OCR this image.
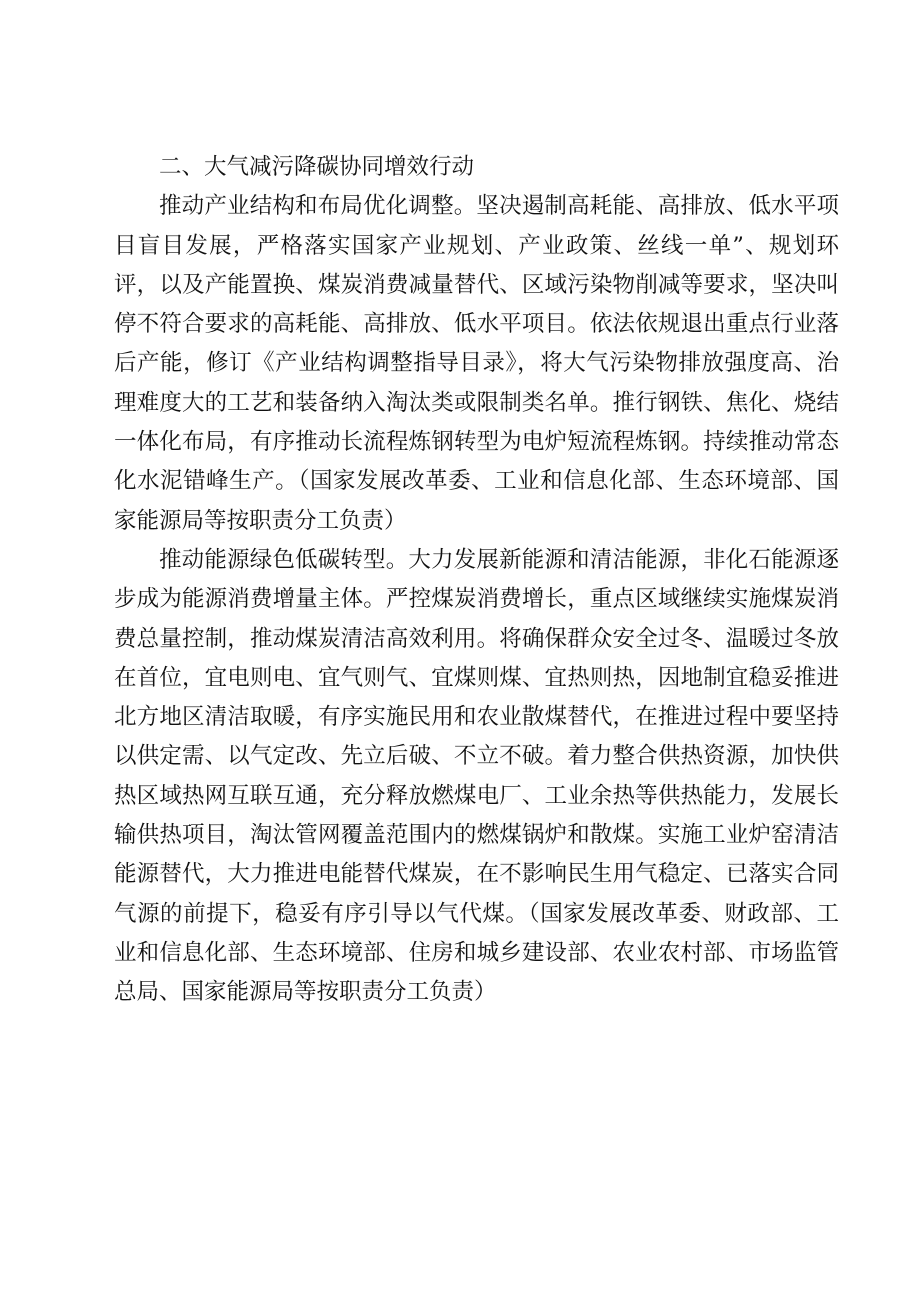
二、大气减污降碳协同增效行动

推动产业结构和布局优化调整。坚决遏制高耗能、高排放、低水平项目盲目发展，严格落实国家产业规划、产业政策、丝线一单”、规划环评，以及产能置换、煤炭消费减量替代、区域污染物削减等要求，坚决叫停不符合要求的高耗能、高排放、低水平项目。依法依规退出重点行业落后产能，修订《产业结构调整指导目录》，将大气污染物排放强度高、治理难度大的工艺和装备纳入淘汰类或限制类名单。推行钢铁、焦化、烧结一体化布局，有序推动长流程炼钢转型为电炉短流程炼钢。持续推动常态化水泥错峰生产。（国家发展改革委、工业和信息化部、生态环境部、国家能源局等按职责分工负责）

推动能源绿色低碳转型。大力发展新能源和清洁能源，非化石能源逐步成为能源消费增量主体。严控煤炭消费增长，重点区域继续实施煤炭消费总量控制，推动煤炭清洁高效利用。将确保群众安全过冬、温暖过冬放在首位，宜电则电、宜气则气、宜煤则煤、宜热则热，因地制宜稳妥推进北方地区清洁取暖，有序实施民用和农业散煤替代，在推进过程中要坚持以供定需、以气定改、先立后破、不立不破。着力整合供热资源，加快供热区域热网互联互通，充分释放燃煤电厂、工业余热等供热能力，发展长输供热项目，淘汰管网覆盖范围内的燃煤锅炉和散煤。实施工业炉窑清洁能源替代，大力推进电能替代煤炭，在不影响民生用气稳定、已落实合同气源的前提下，稳妥有序引导以气代煤。（国家发展改革委、财政部、工业和信息化部、生态环境部、住房和城乡建设部、农业农村部、市场监管总局、国家能源局等按职责分工负责）
